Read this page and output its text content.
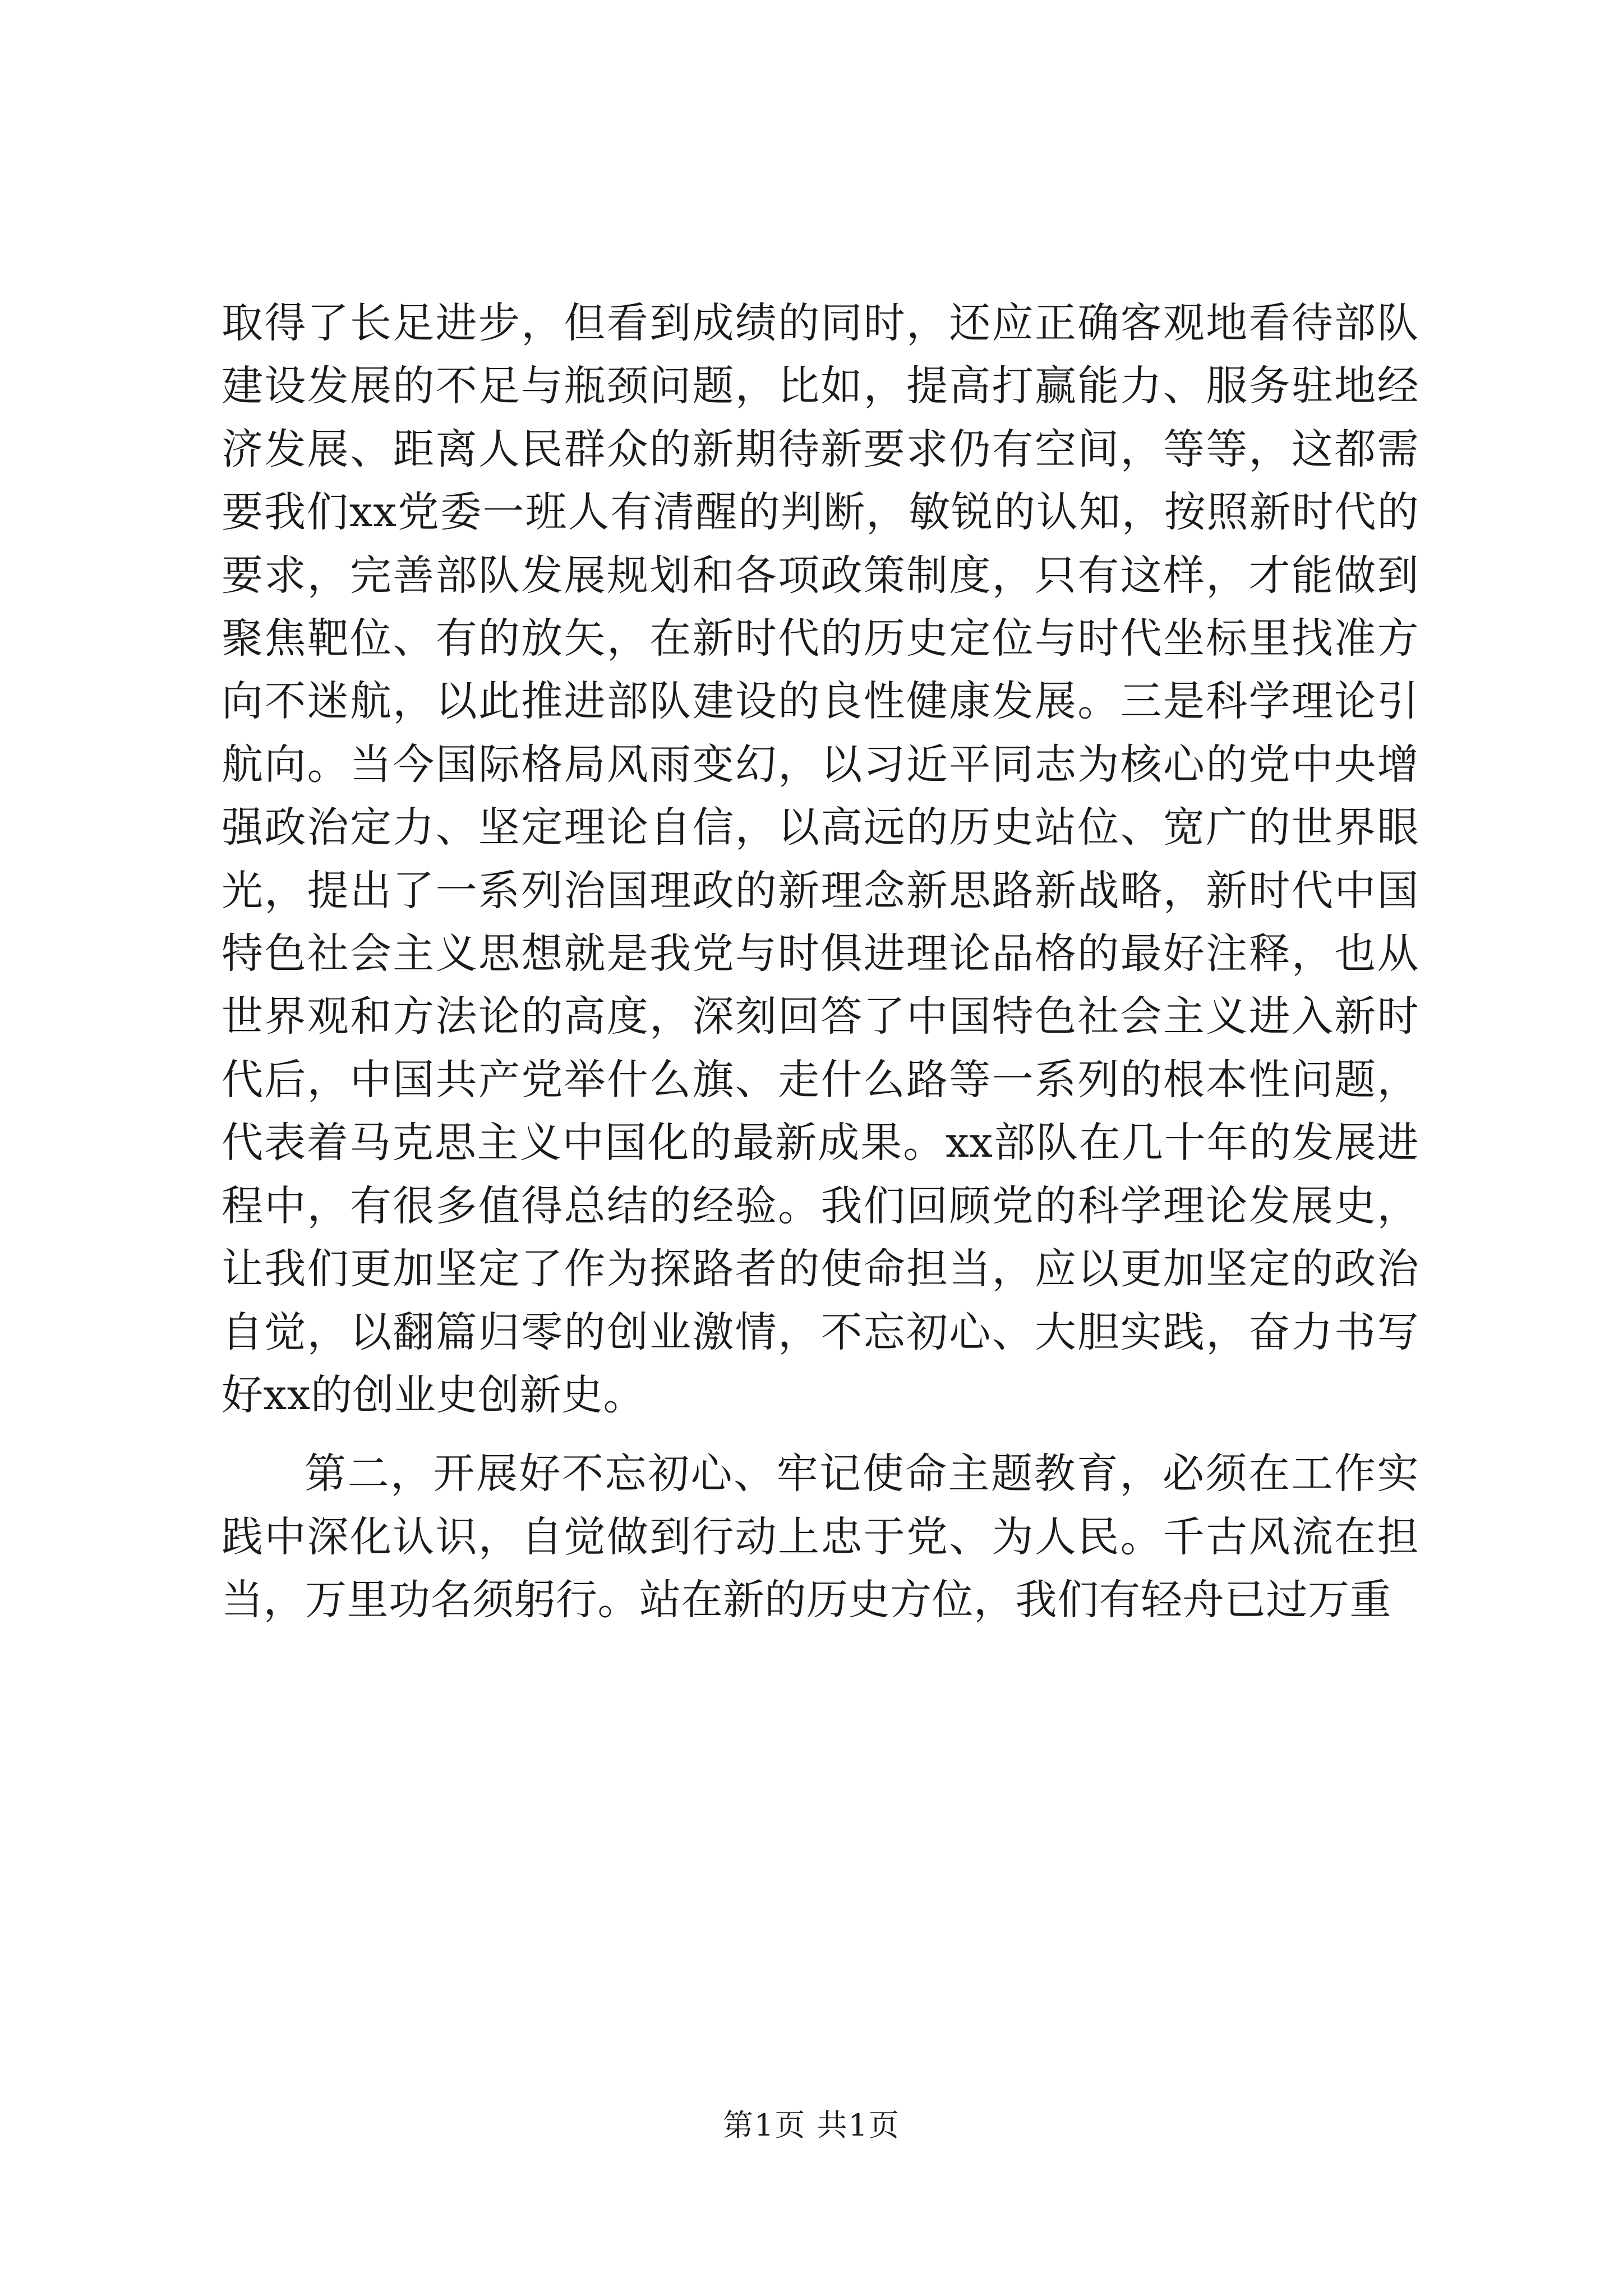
取得了长足进步，但看到成绩的同时，还应正确客观地看待部队建设发展的不足与瓶颈问题，比如，提高打赢能力、服务驻地经济发展、距离人民群众的新期待新要求仍有空间，等等，这都需要我们xx党委一班人有清醒的判断，敏锐的认知，按照新时代的要求，完善部队发展规划和各项政策制度，只有这样，才能做到聚焦靶位、有的放矢，在新时代的历史定位与时代坐标里找准方向不迷航，以此推进部队建设的良性健康发展。三是科学理论引航向。当今国际格局风雨变幻，以习近平同志为核心的党中央增强政治定力、坚定理论自信，以高远的历史站位、宽广的世界眼光，提出了一系列治国理政的新理念新思路新战略，新时代中国特色社会主义思想就是我党与时俱进理论品格的最好注释，也从世界观和方法论的高度，深刻回答了中国特色社会主义进入新时代后，中国共产党举什么旗、走什么路等一系列的根本性问题，代表着马克思主义中国化的最新成果。xx部队在几十年的发展进程中，有很多值得总结的经验。我们回顾党的科学理论发展史，让我们更加坚定了作为探路者的使命担当，应以更加坚定的政治自觉，以翻篇归零的创业激情，不忘初心、大胆实践，奋力书写好xx的创业史创新史。

第二，开展好不忘初心、牢记使命主题教育，必须在工作实践中深化认识，自觉做到行动上忠于党、为人民。千古风流在担当，万里功名须躬行。站在新的历史方位，我们有轻舟已过万重

第1页 共1页
